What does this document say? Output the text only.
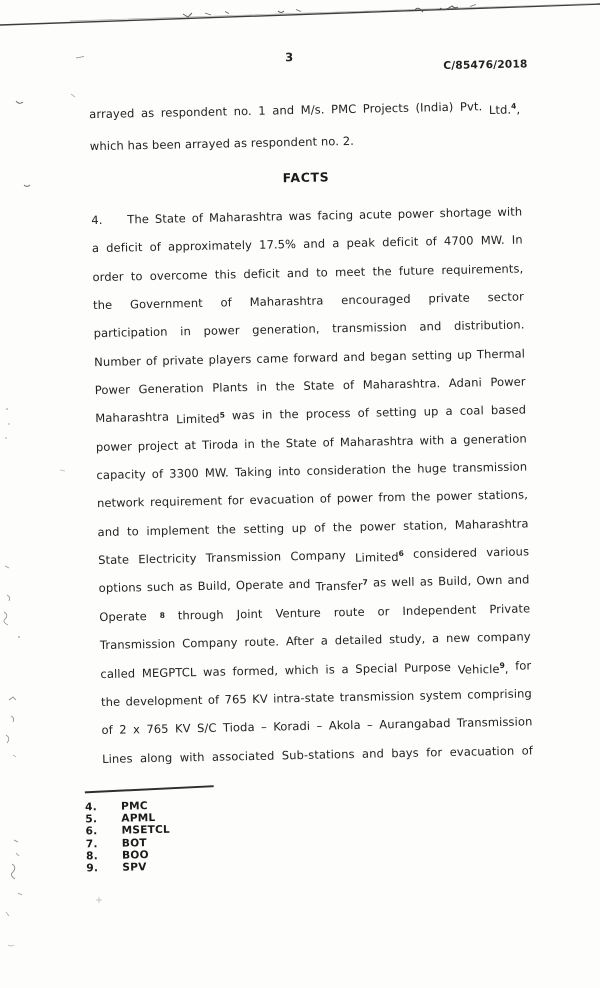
3
C/85476/2018
arrayed as respondent no. 1 and M/s. PMC Projects (India) Pvt. Ltd.$^4$,
which has been arrayed as respondent no. 2.
FACTS
4.	The State of Maharashtra was facing acute power shortage with
a deficit of approximately 17.5% and a peak deficit of 4700 MW. In
order to overcome this deficit and to meet the future requirements,
the Government of Maharashtra encouraged private sector
participation in power generation, transmission and distribution.
Number of private players came forward and began setting up Thermal
Power Generation Plants in the State of Maharashtra. Adani Power
Maharashtra Limited$^5$ was in the process of setting up a coal based
power project at Tiroda in the State of Maharashtra with a generation
capacity of 3300 MW. Taking into consideration the huge transmission
network requirement for evacuation of power from the power stations,
and to implement the setting up of the power station, Maharashtra
State Electricity Transmission Company Limited$^6$ considered various
options such as Build, Operate and Transfer$^7$ as well as Build, Own and
Operate $^8$ through Joint Venture route or Independent Private
Transmission Company route. After a detailed study, a new company
called MEGPTCL was formed, which is a Special Purpose Vehicle$^9$, for
the development of 765 KV intra-state transmission system comprising
of 2 x 765 KV S/C Tioda – Koradi – Akola – Aurangabad Transmission
Lines along with associated Sub-stations and bays for evacuation of
4.	PMC
5.	APML
6.	MSETCL
7.	BOT
8.	BOO
9.	SPV
